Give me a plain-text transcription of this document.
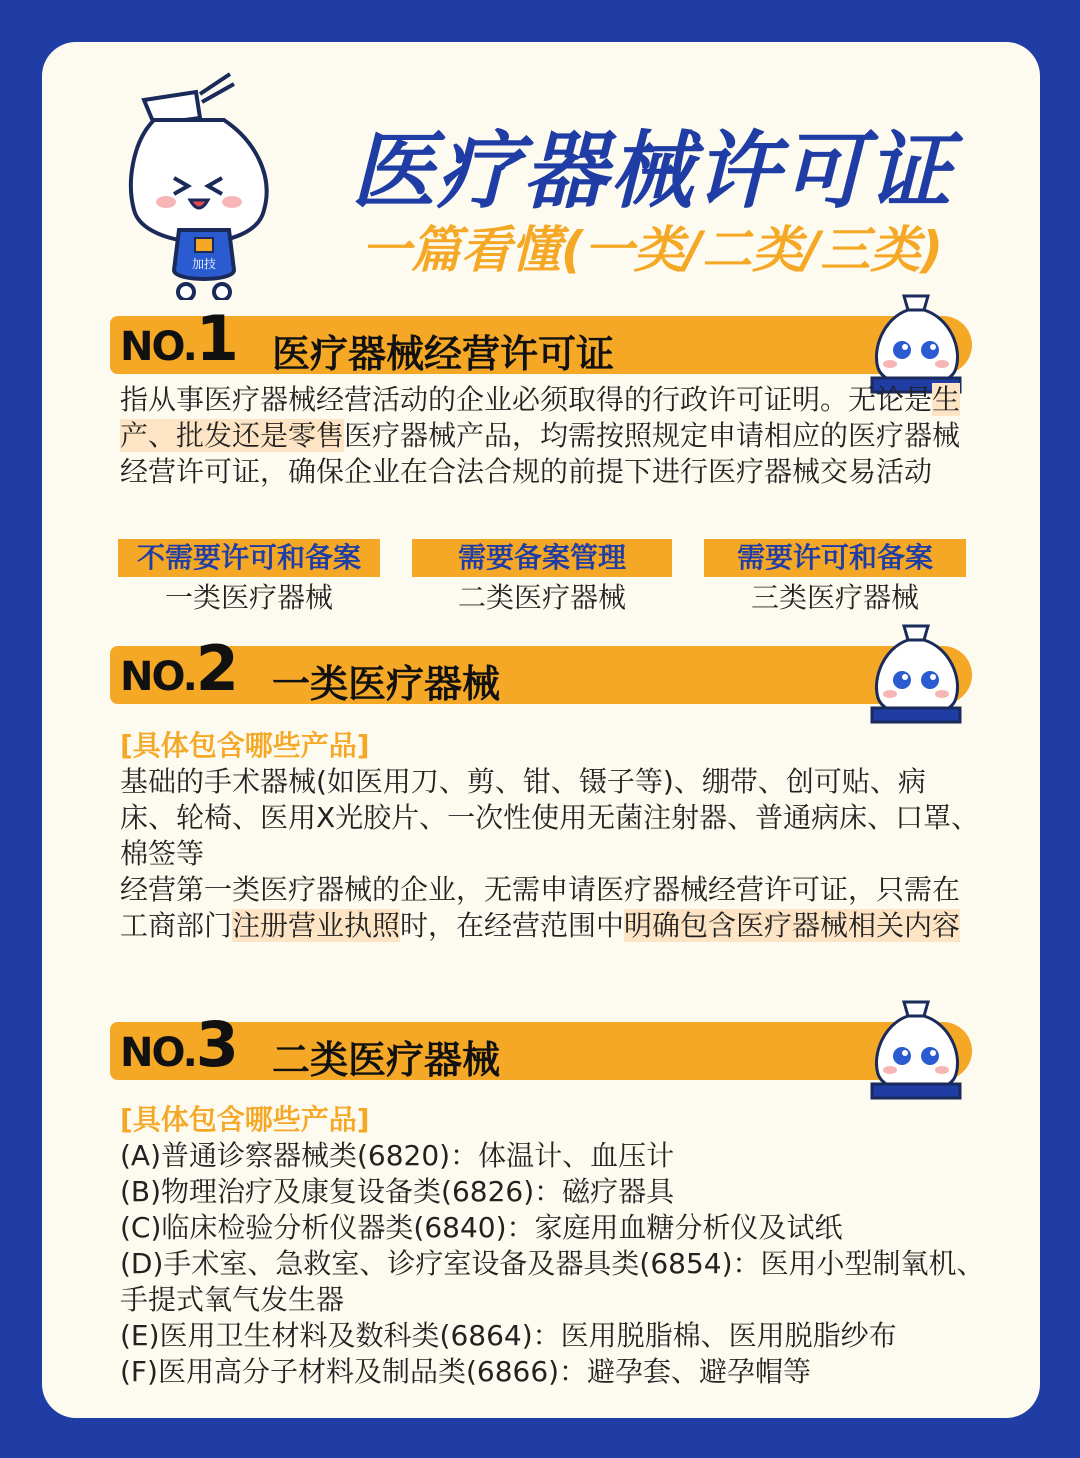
加技
医疗器械许可证
一篇看懂(一类/二类/三类)
NO.1 医疗器械经营许可证
指从事医疗器械经营活动的企业必须取得的行政许可证明。无论是生产、批发还是零售医疗器械产品，均需按照规定申请相应的医疗器械经营许可证，确保企业在合法合规的前提下进行医疗器械交易活动
不需要许可和备案
一类医疗器械
需要备案管理
二类医疗器械
需要许可和备案
三类医疗器械
NO.2 一类医疗器械
[具体包含哪些产品]
基础的手术器械(如医用刀、剪、钳、镊子等)、绷带、创可贴、病床、轮椅、医用X光胶片、一次性使用无菌注射器、普通病床、口罩、棉签等
经营第一类医疗器械的企业，无需申请医疗器械经营许可证，只需在工商部门注册营业执照时，在经营范围中明确包含医疗器械相关内容
NO.3 二类医疗器械
[具体包含哪些产品]
(A)普通诊察器械类(6820)：体温计、血压计
(B)物理治疗及康复设备类(6826)：磁疗器具
(C)临床检验分析仪器类(6840)：家庭用血糖分析仪及试纸
(D)手术室、急救室、诊疗室设备及器具类(6854)：医用小型制氧机、
手提式氧气发生器
(E)医用卫生材料及数科类(6864)：医用脱脂棉、医用脱脂纱布
(F)医用高分子材料及制品类(6866)：避孕套、避孕帽等
